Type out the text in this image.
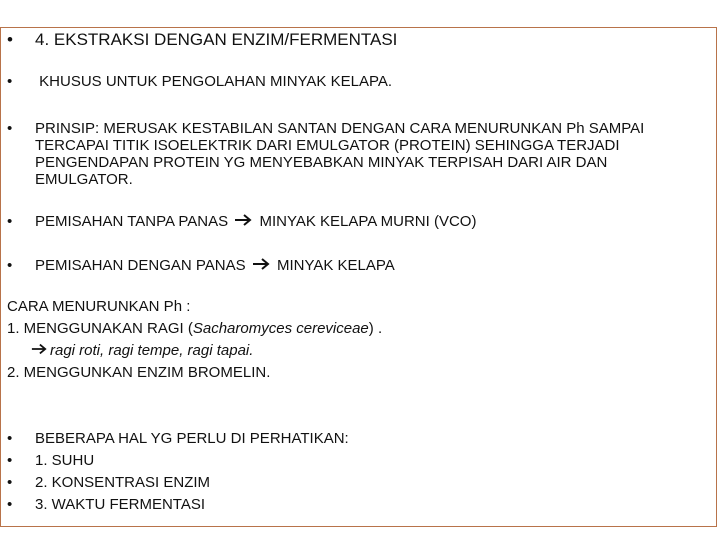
•	4. EKSTRAKSI DENGAN ENZIM/FERMENTASI
•	KHUSUS UNTUK PENGOLAHAN MINYAK KELAPA.
•	PRINSIP: MERUSAK KESTABILAN SANTAN DENGAN CARA MENURUNKAN Ph SAMPAI TERCAPAI TITIK ISOELEKTRIK DARI EMULGATOR (PROTEIN) SEHINGGA TERJADI PENGENDAPAN PROTEIN YG MENYEBABKAN MINYAK TERPISAH DARI AIR DAN EMULGATOR.
•	PEMISAHAN TANPA PANAS MINYAK KELAPA MURNI (VCO)
•	PEMISAHAN DENGAN PANAS MINYAK KELAPA
CARA MENURUNKAN Ph :
1. MENGGUNAKAN RAGI (Sacharomyces cereviceae) .
ragi roti, ragi tempe, ragi tapai.
2. MENGGUNKAN ENZIM BROMELIN.
•	BEBERAPA HAL YG PERLU DI PERHATIKAN:
•	1. SUHU
•	2. KONSENTRASI ENZIM
•	3. WAKTU FERMENTASI
